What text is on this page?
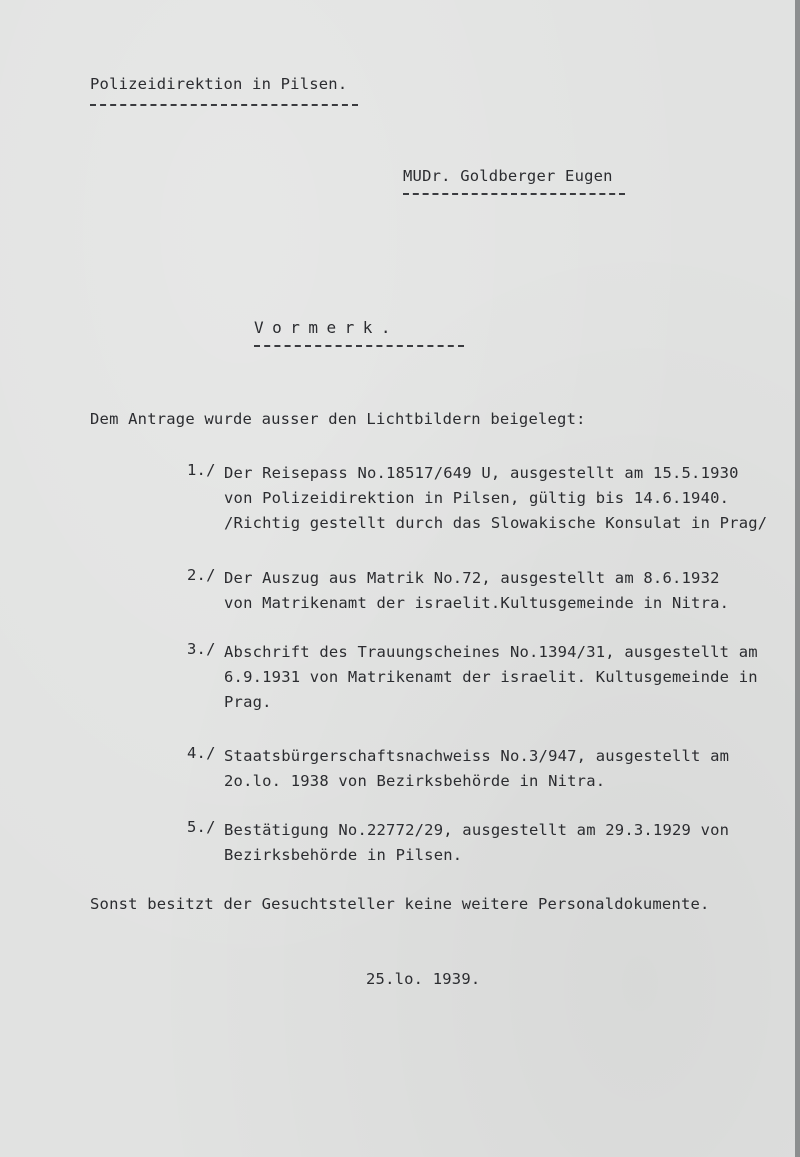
Polizeidirektion in Pilsen.
MUDr. Goldberger Eugen
Vormerk.
Dem Antrage wurde ausser den Lichtbildern beigelegt:
1./ Der Reisepass No.18517/649 U, ausgestellt am 15.5.1930
von Polizeidirektion in Pilsen, gültig bis 14.6.1940.
/Richtig gestellt durch das Slowakische Konsulat in Prag/
2./ Der Auszug aus Matrik No.72, ausgestellt am 8.6.1932
von Matrikenamt der israelit.Kultusgemeinde in Nitra.
3./ Abschrift des Trauungscheines No.1394/31, ausgestellt am
6.9.1931 von Matrikenamt der israelit. Kultusgemeinde in
Prag.
4./ Staatsbürgerschaftsnachweiss No.3/947, ausgestellt am
2o.lo. 1938 von Bezirksbehörde in Nitra.
5./ Bestätigung No.22772/29, ausgestellt am 29.3.1929 von
Bezirksbehörde in Pilsen.
Sonst besitzt der Gesuchtsteller keine weitere Personaldokumente.
25.lo. 1939.
